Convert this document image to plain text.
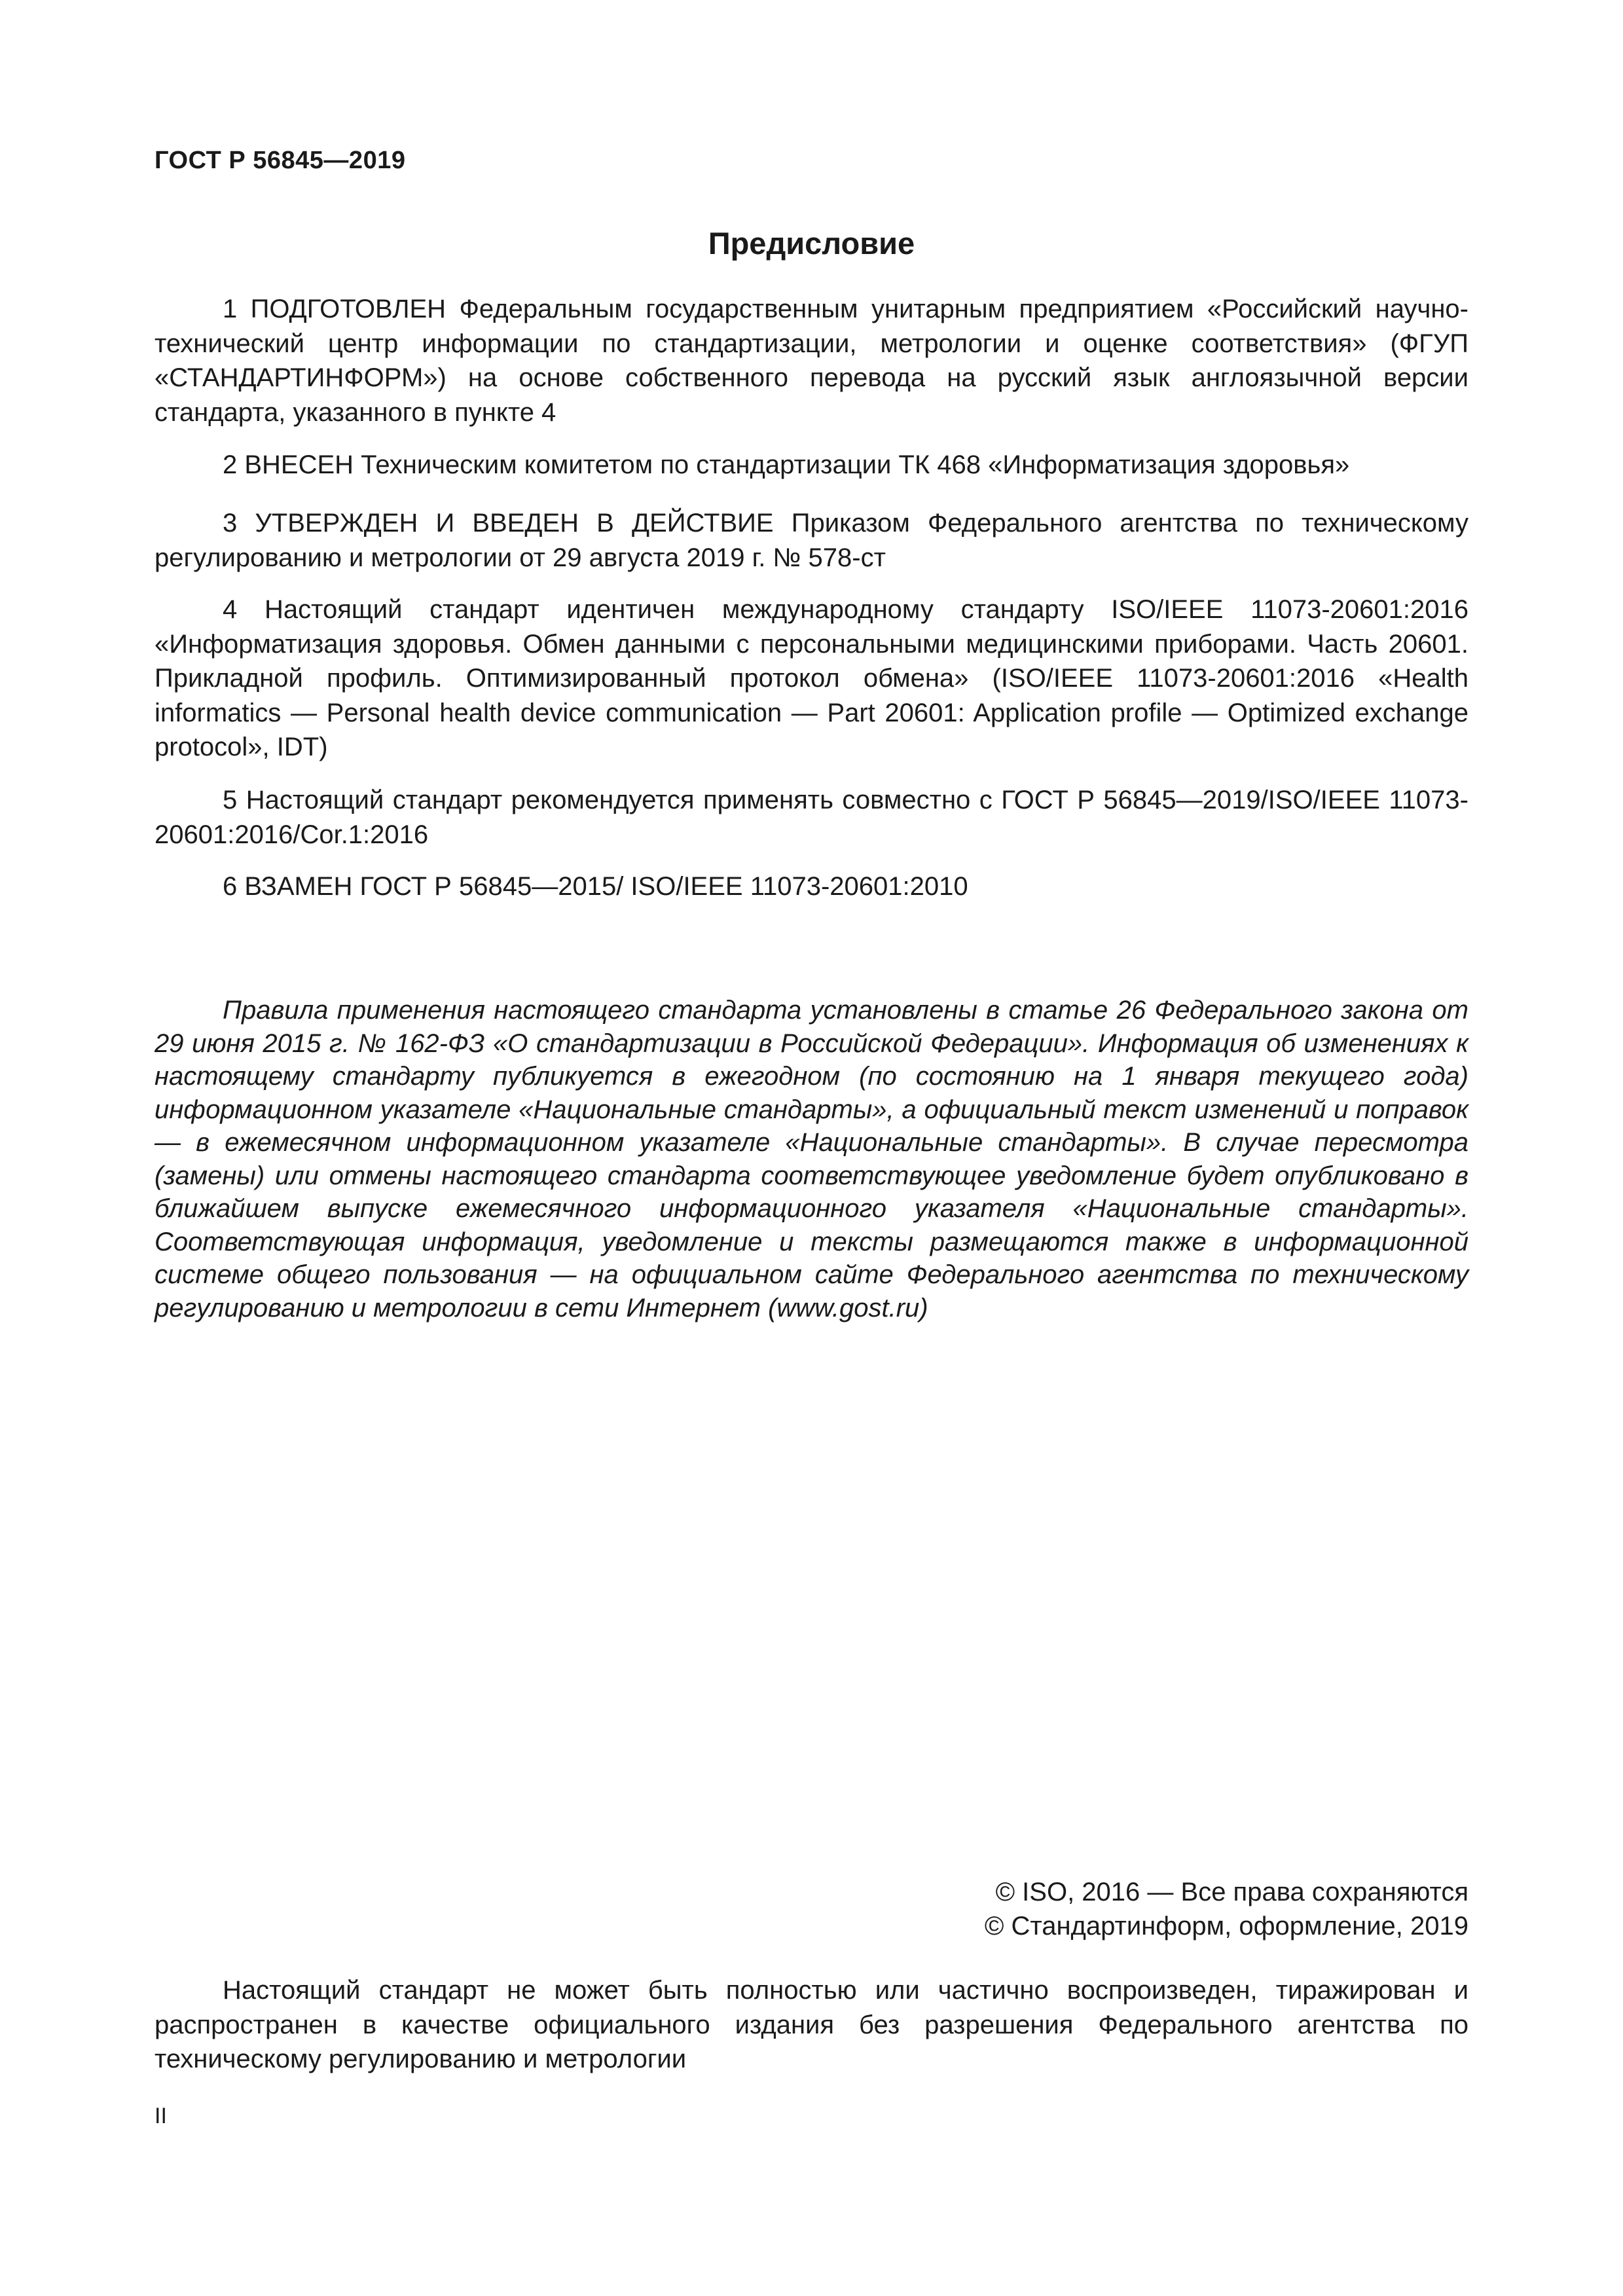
ГОСТ Р 56845—2019
Предисловие

1 ПОДГОТОВЛЕН Федеральным государственным унитарным предприятием «Российский научно-технический центр информации по стандартизации, метрологии и оценке соответствия» (ФГУП «СТАНДАРТИНФОРМ») на основе собственного перевода на русский язык англоязычной версии стандарта, указанного в пункте 4

2 ВНЕСЕН Техническим комитетом по стандартизации ТК 468 «Информатизация здоровья»

3 УТВЕРЖДЕН И ВВЕДЕН В ДЕЙСТВИЕ Приказом Федерального агентства по техническому регулированию и метрологии от 29 августа 2019 г. № 578-ст

4 Настоящий стандарт идентичен международному стандарту ISO/IEEE 11073-20601:2016 «Информатизация здоровья. Обмен данными с персональными медицинскими приборами. Часть 20601. Прикладной профиль. Оптимизированный протокол обмена» (ISO/IEEE 11073-20601:2016 «Health informatics — Personal health device communication — Part 20601: Application profile — Optimized exchange protocol», IDT)

5 Настоящий стандарт рекомендуется применять совместно с ГОСТ Р 56845—2019/ISO/IEEE 11073-20601:2016/Cor.1:2016

6 ВЗАМЕН ГОСТ Р 56845—2015/ ISO/IEEE 11073-20601:2010

Правила применения настоящего стандарта установлены в статье 26 Федерального закона от 29 июня 2015 г. № 162-ФЗ «О стандартизации в Российской Федерации». Информация об изменениях к настоящему стандарту публикуется в ежегодном (по состоянию на 1 января текущего года) информационном указателе «Национальные стандарты», а официальный текст изменений и поправок — в ежемесячном информационном указателе «Национальные стандарты». В случае пересмотра (замены) или отмены настоящего стандарта соответствующее уведомление будет опубликовано в ближайшем выпуске ежемесячного информационного указателя «Национальные стандарты». Соответствующая информация, уведомление и тексты размещаются также в информационной системе общего пользования — на официальном сайте Федерального агентства по техническому регулированию и метрологии в сети Интернет (www.gost.ru)
© ISO, 2016 — Все права сохраняются
© Стандартинформ, оформление, 2019
Настоящий стандарт не может быть полностью или частично воспроизведен, тиражирован и распространен в качестве официального издания без разрешения Федерального агентства по техническому регулированию и метрологии
II
